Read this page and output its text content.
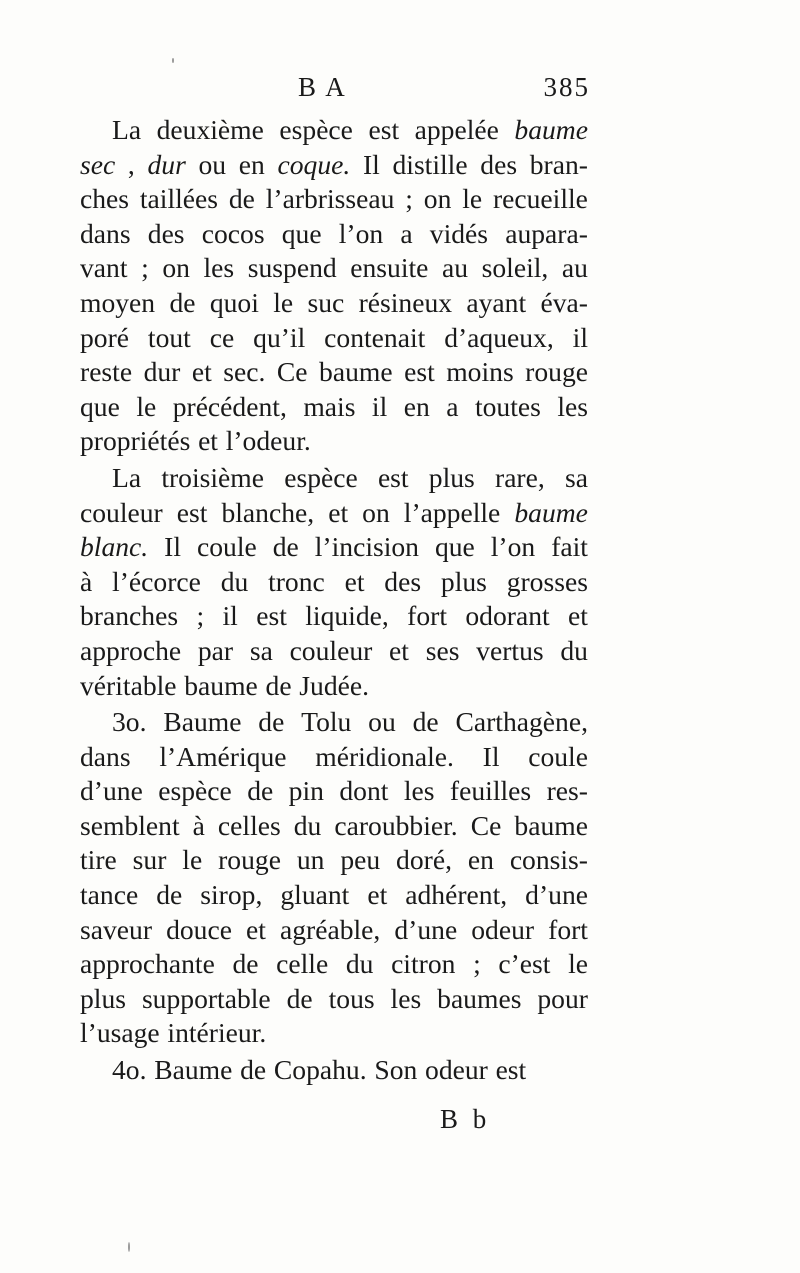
B A	385
La deuxième espèce est appelée baume
sec , dur ou en coque. Il distille des bran-
ches taillées de l’arbrisseau ; on le recueille
dans des cocos que l’on a vidés aupara-
vant ; on les suspend ensuite au soleil, au
moyen de quoi le suc résineux ayant éva-
poré tout ce qu’il contenait d’aqueux, il
reste dur et sec. Ce baume est moins rouge
que le précédent, mais il en a toutes les
propriétés et l’odeur.
La troisième espèce est plus rare, sa
couleur est blanche, et on l’appelle baume
blanc. Il coule de l’incision que l’on fait
à l’écorce du tronc et des plus grosses
branches ; il est liquide, fort odorant et
approche par sa couleur et ses vertus du
véritable baume de Judée.
3o. Baume de Tolu ou de Carthagène,
dans l’Amérique méridionale. Il coule
d’une espèce de pin dont les feuilles res-
semblent à celles du caroubbier. Ce baume
tire sur le rouge un peu doré, en consis-
tance de sirop, gluant et adhérent, d’une
saveur douce et agréable, d’une odeur fort
approchante de celle du citron ; c’est le
plus supportable de tous les baumes pour
l’usage intérieur.
4o. Baume de Copahu. Son odeur est
B b
